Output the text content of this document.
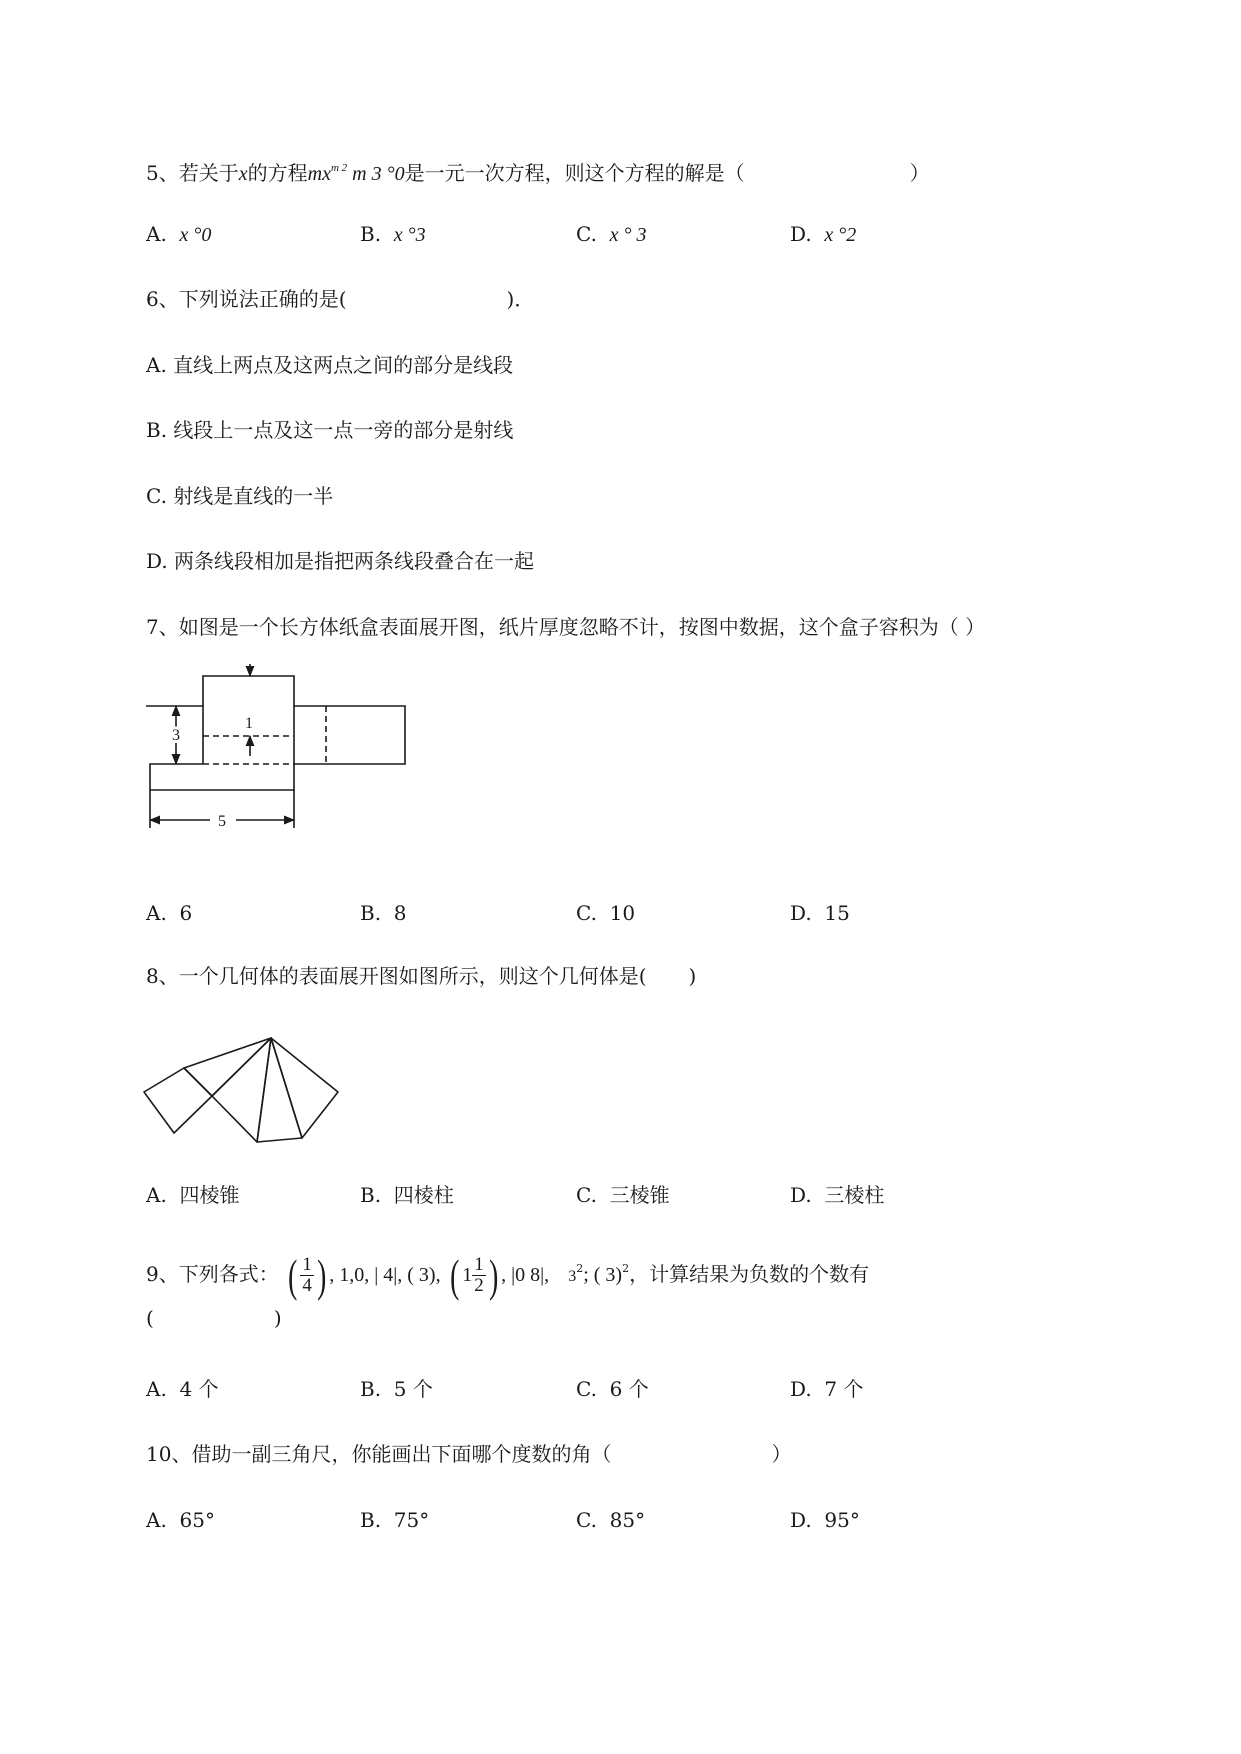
5、若关于x的方程$mx^{m 2}$ m 3 °0是一元一次方程，则这个方程的解是（	）
A. x °0	B. x °3	C. x ° 3	D. x °2
6、下列说法正确的是(	)．
A. 直线上两点及这两点之间的部分是线段
B. 线段上一点及这一点一旁的部分是射线
C. 射线是直线的一半
D. 两条线段相加是指把两条线段叠合在一起
7、如图是一个长方体纸盒表面展开图，纸片厚度忽略不计，按图中数据，这个盒子容积为（ ）
1
3
5
A. 6	B. 8	C. 10	D. 15
8、一个几何体的表面展开图如图所示，则这个几何体是( )
A. 四棱锥	B. 四棱柱	C. 三棱锥	D. 三棱柱
9、下列各式： ( $\frac{1}{4}$ ) , 1,0, | 4|, ( 3), ( $1 \frac{1}{2}$ ) , |0 8|, $3^2$; ( 3)$^2$，计算结果为负数的个数有
(	)
A. 4 个	B. 5 个	C. 6 个	D. 7 个
10、借助一副三角尺，你能画出下面哪个度数的角（	）
A. 65°	B. 75°	C. 85°	D. 95°
